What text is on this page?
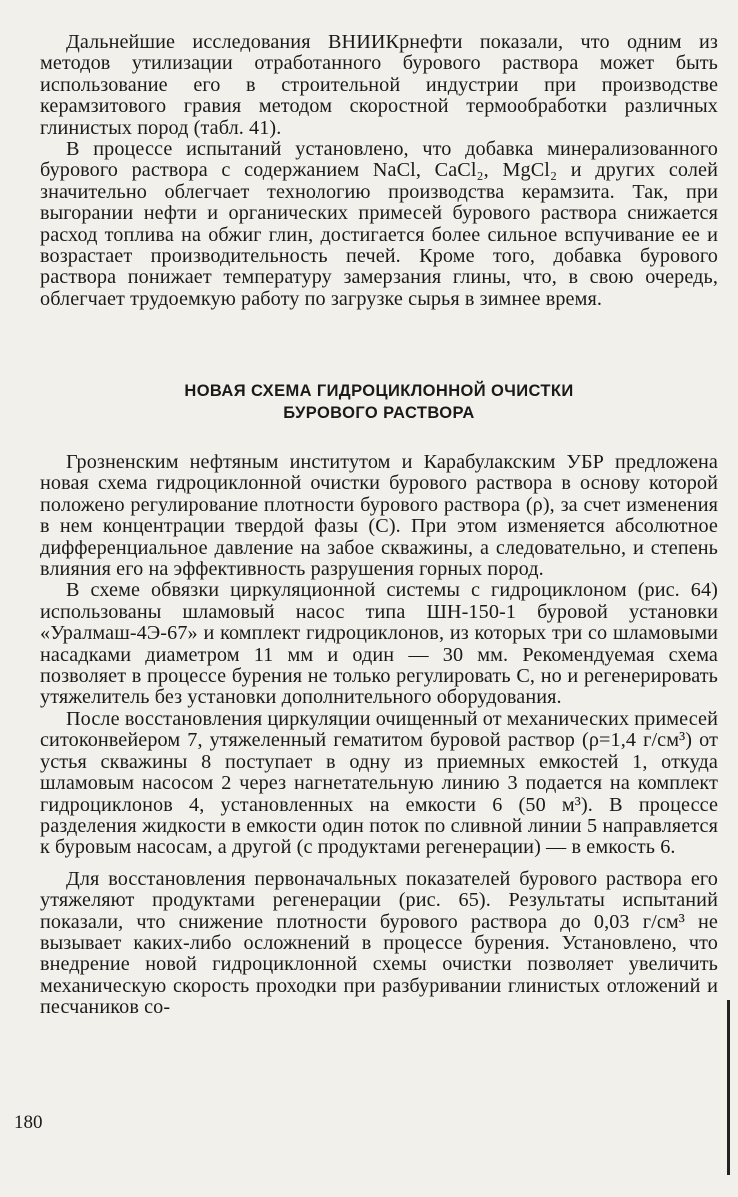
Дальнейшие исследования ВНИИКрнефти показали, что одним из методов утилизации отработанного бурового раствора может быть использование его в строительной индустрии при производстве керамзитового гравия методом скоростной термообработки различных глинистых пород (табл. 41).

В процессе испытаний установлено, что добавка минерализованного бурового раствора с содержанием NaCl, CaCl₂, MgCl₂ и других солей значительно облегчает технологию производства керамзита. Так, при выгорании нефти и органических примесей бурового раствора снижается расход топлива на обжиг глин, достигается более сильное вспучивание ее и возрастает производительность печей. Кроме того, добавка бурового раствора понижает температуру замерзания глины, что, в свою очередь, облегчает трудоемкую работу по загрузке сырья в зимнее время.

НОВАЯ СХЕМА ГИДРОЦИКЛОННОЙ ОЧИСТКИ
БУРОВОГО РАСТВОРА

Грозненским нефтяным институтом и Карабулакским УБР предложена новая схема гидроциклонной очистки бурового раствора в основу которой положено регулирование плотности бурового раствора (ρ), за счет изменения в нем концентрации твердой фазы (C). При этом изменяется абсолютное дифференциальное давление на забое скважины, а следовательно, и степень влияния его на эффективность разрушения горных пород.

В схеме обвязки циркуляционной системы с гидроциклоном (рис. 64) использованы шламовый насос типа ШН-150-1 буровой установки «Уралмаш-4Э-67» и комплект гидроциклонов, из которых три со шламовыми насадками диаметром 11 мм и один — 30 мм. Рекомендуемая схема позволяет в процессе бурения не только регулировать C, но и регенерировать утяжелитель без установки дополнительного оборудования.

После восстановления циркуляции очищенный от механических примесей ситоконвейером 7, утяжеленный гематитом буровой раствор (ρ=1,4 г/см³) от устья скважины 8 поступает в одну из приемных емкостей 1, откуда шламовым насосом 2 через нагнетательную линию 3 подается на комплект гидроциклонов 4, установленных на емкости 6 (50 м³). В процессе разделения жидкости в емкости один поток по сливной линии 5 направляется к буровым насосам, а другой (с продуктами регенерации) — в емкость 6.

Для восстановления первоначальных показателей бурового раствора его утяжеляют продуктами регенерации (рис. 65). Результаты испытаний показали, что снижение плотности бурового раствора до 0,03 г/см³ не вызывает каких-либо осложнений в процессе бурения. Установлено, что внедрение новой гидроциклонной схемы очистки позволяет увеличить механическую скорость проходки при разбуривании глинистых отложений и песчаников со-

180
